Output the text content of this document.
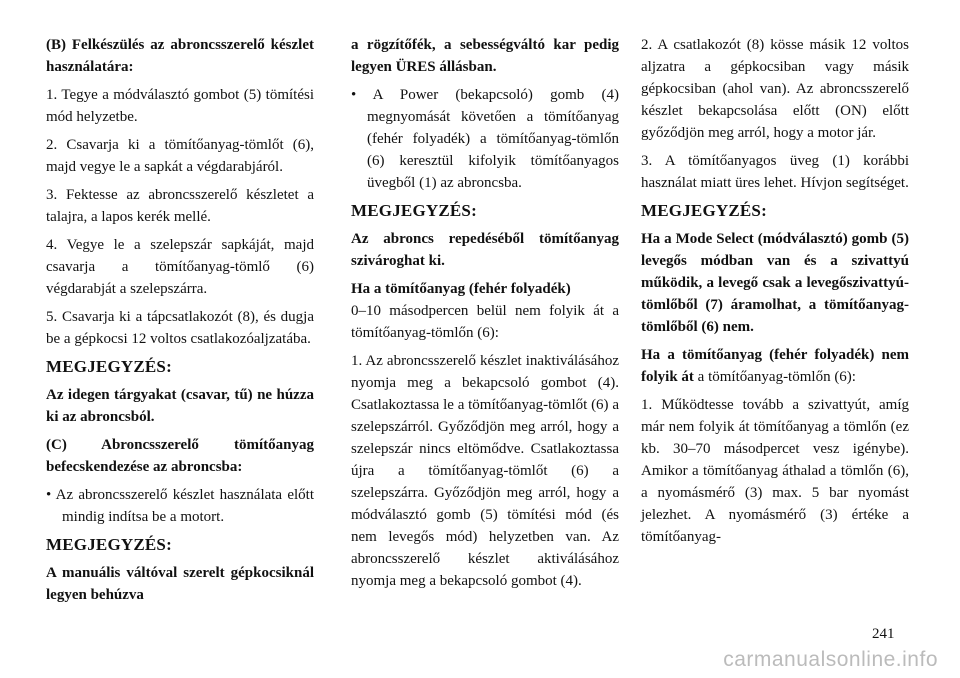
(B) Felkészülés az abroncsszerelő készlet használatára:

1. Tegye a módválasztó gombot (5) tömítési mód helyzetbe.

2. Csavarja ki a tömítőanyag-tömlőt (6), majd vegye le a sapkát a végdarabjáról.

3. Fektesse az abroncsszerelő készletet a talajra, a lapos kerék mellé.

4. Vegye le a szelepszár sapkáját, majd csavarja a tömítőanyag-tömlő (6) végdarabját a szelepszárra.

5. Csavarja ki a tápcsatlakozót (8), és dugja be a gépkocsi 12 voltos csatlakozóaljzatába.

MEGJEGYZÉS:

Az idegen tárgyakat (csavar, tű) ne húzza ki az abroncsból.

(C) Abroncsszerelő tömítőanyag befecskendezése az abroncsba:

• Az abroncsszerelő készlet használata előtt mindig indítsa be a motort.

MEGJEGYZÉS:

A manuális váltóval szerelt gépkocsiknál legyen behúzva

a rögzítőfék, a sebességváltó kar pedig legyen ÜRES állásban.

• A Power (bekapcsoló) gomb (4) megnyomását követően a tömítőanyag (fehér folyadék) a tömítőanyag-tömlőn (6) keresztül kifolyik tömítőanyagos üvegből (1) az abroncsba.

MEGJEGYZÉS:

Az abroncs repedéséből tömítőanyag szivároghat ki.

Ha a tömítőanyag (fehér folyadék)
0–10 másodpercen belül nem folyik át a tömítőanyag-tömlőn (6):

1. Az abroncsszerelő készlet inaktiválásához nyomja meg a bekapcsoló gombot (4). Csatlakoztassa le a tömítőanyag-tömlőt (6) a szelepszárról. Győződjön meg arról, hogy a szelepszár nincs eltömődve. Csatlakoztassa újra a tömítőanyag-tömlőt (6) a szelepszárra. Győződjön meg arról, hogy a módválasztó gomb (5) tömítési mód (és nem levegős mód) helyzetben van. Az abroncsszerelő készlet aktiválásához nyomja meg a bekapcsoló gombot (4).

2. A csatlakozót (8) kösse másik 12 voltos aljzatra a gépkocsiban vagy másik gépkocsiban (ahol van). Az abroncsszerelő készlet bekapcsolása előtt (ON) előtt győződjön meg arról, hogy a motor jár.

3. A tömítőanyagos üveg (1) korábbi használat miatt üres lehet. Hívjon segítséget.

MEGJEGYZÉS:

Ha a Mode Select (módválasztó) gomb (5) levegős módban van és a szivattyú működik, a levegő csak a levegőszivattyú-tömlőből (7) áramolhat, a tömítőanyag-tömlőből (6) nem.

Ha a tömítőanyag (fehér folyadék) nem folyik át a tömítőanyag-tömlőn (6):

1. Működtesse tovább a szivattyút, amíg már nem folyik át tömítőanyag a tömlőn (ez kb. 30–70 másodpercet vesz igénybe). Amikor a tömítőanyag áthalad a tömlőn (6), a nyomásmérő (3) max. 5 bar nyomást jelezhet. A nyomásmérő (3) értéke a tömítőanyag-

241
carmanualsonline.info
